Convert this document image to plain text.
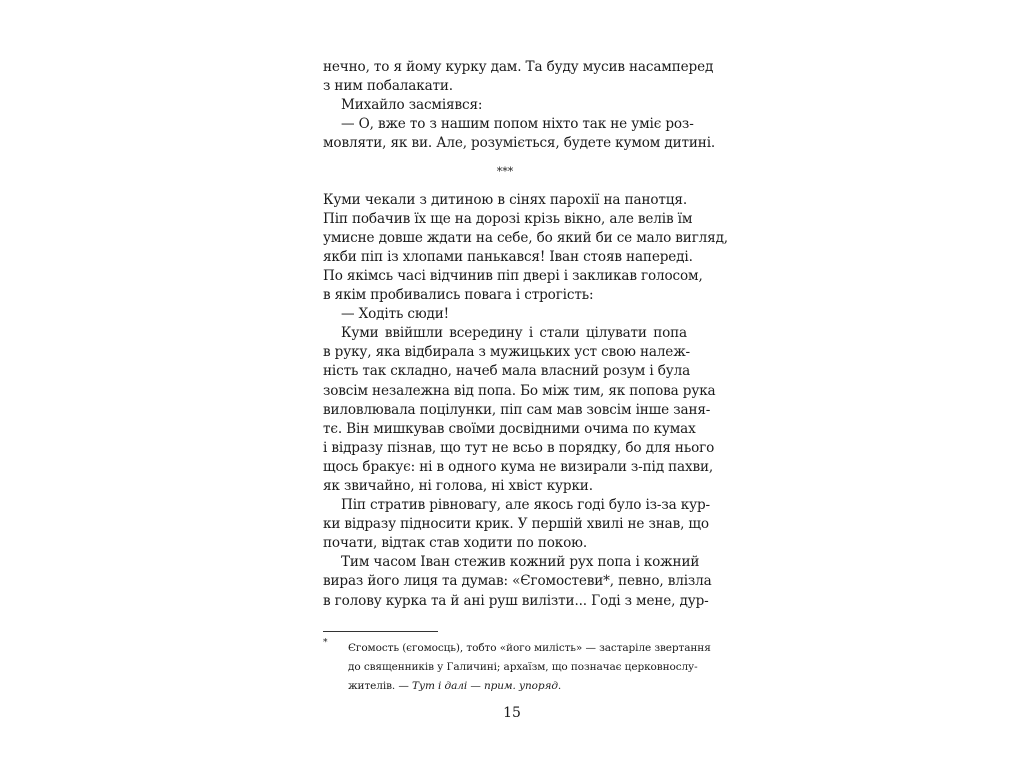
нечно, то я йому курку дам. Та буду мусив насамперед
з ним побалакати.
Михайло засміявся:
— О, вже то з нашим попом ніхто так не уміє роз-
мовляти, як ви. Але, розуміється, будете кумом дитині.
***
Куми чекали з дитиною в сінях парохії на панотця.
Піп побачив їх ще на дорозі крізь вікно, але велів їм
умисне довше ждати на себе, бо який би се мало вигляд,
якби піп із хлопами панькався! Іван стояв напереді.
По якімсь часі відчинив піп двері і закликав голосом,
в якім пробивались повага і строгість:
— Ходіть сюди!
Куми ввійшли всередину і стали цілувати попа
в руку, яка відбирала з мужицьких уст свою належ-
ність так складно, начеб мала власний розум і була
зовсім незалежна від попа. Бо між тим, як попова рука
виловлювала поцілунки, піп сам мав зовсім інше заня-
тє. Він мишкував своїми досвідними очима по кумах
і відразу пізнав, що тут не всьо в порядку, бо для нього
щось бракує: ні в одного кума не визирали з-під пахви,
як звичайно, ні голова, ні хвіст курки.
Піп стратив рівновагу, але якось годі було із-за кур-
ки відразу підносити крик. У першій хвилі не знав, що
почати, відтак став ходити по покою.
Тим часом Іван стежив кожний рух попа і кожний
вираз його лиця та думав: «Єгомостеви*, певно, влізла
в голову курка та й ані руш вилізти... Годі з мене, дур-
* Єгомость (єгомосць), тобто «його милість» — застаріле звертання
до священників у Галичині; архаїзм, що позначає церковнослу-
жителів. — Тут і далі — прим. упоряд.
15
